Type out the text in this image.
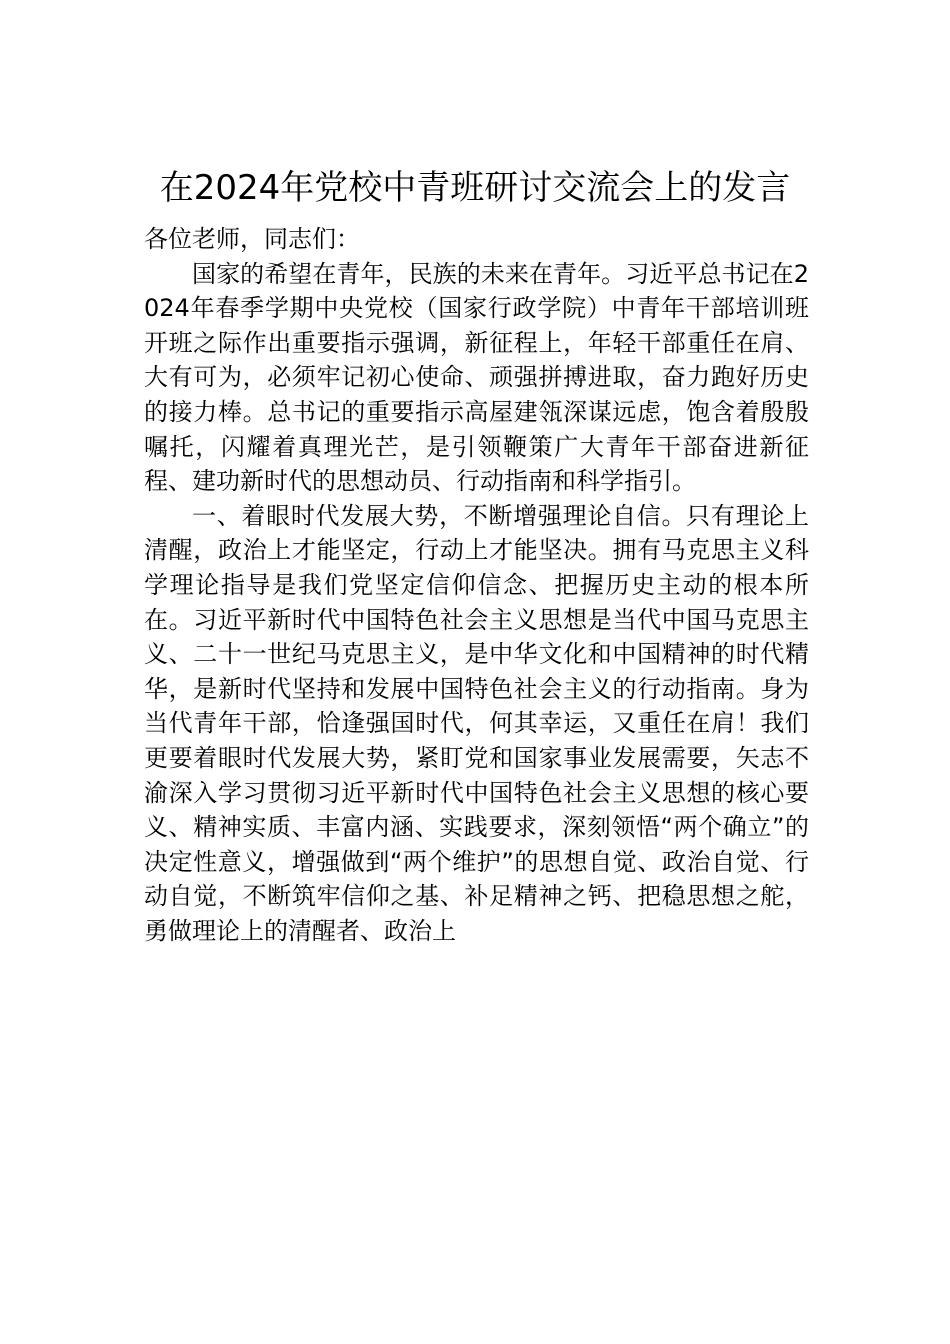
在2024年党校中青班研讨交流会上的发言

各位老师，同志们：

国家的希望在青年，民族的未来在青年。习近平总书记在2024年春季学期中央党校（国家行政学院）中青年干部培训班开班之际作出重要指示强调，新征程上，年轻干部重任在肩、大有可为，必须牢记初心使命、顽强拼搏进取，奋力跑好历史的接力棒。总书记的重要指示高屋建瓴深谋远虑，饱含着殷殷嘱托，闪耀着真理光芒，是引领鞭策广大青年干部奋进新征程、建功新时代的思想动员、行动指南和科学指引。

一、着眼时代发展大势，不断增强理论自信。只有理论上清醒，政治上才能坚定，行动上才能坚决。拥有马克思主义科学理论指导是我们党坚定信仰信念、把握历史主动的根本所在。习近平新时代中国特色社会主义思想是当代中国马克思主义、二十一世纪马克思主义，是中华文化和中国精神的时代精华，是新时代坚持和发展中国特色社会主义的行动指南。身为当代青年干部，恰逢强国时代，何其幸运，又重任在肩！我们更要着眼时代发展大势，紧盯党和国家事业发展需要，矢志不渝深入学习贯彻习近平新时代中国特色社会主义思想的核心要义、精神实质、丰富内涵、实践要求，深刻领悟“两个确立”的决定性意义，增强做到“两个维护”的思想自觉、政治自觉、行动自觉，不断筑牢信仰之基、补足精神之钙、把稳思想之舵，勇做理论上的清醒者、政治上
